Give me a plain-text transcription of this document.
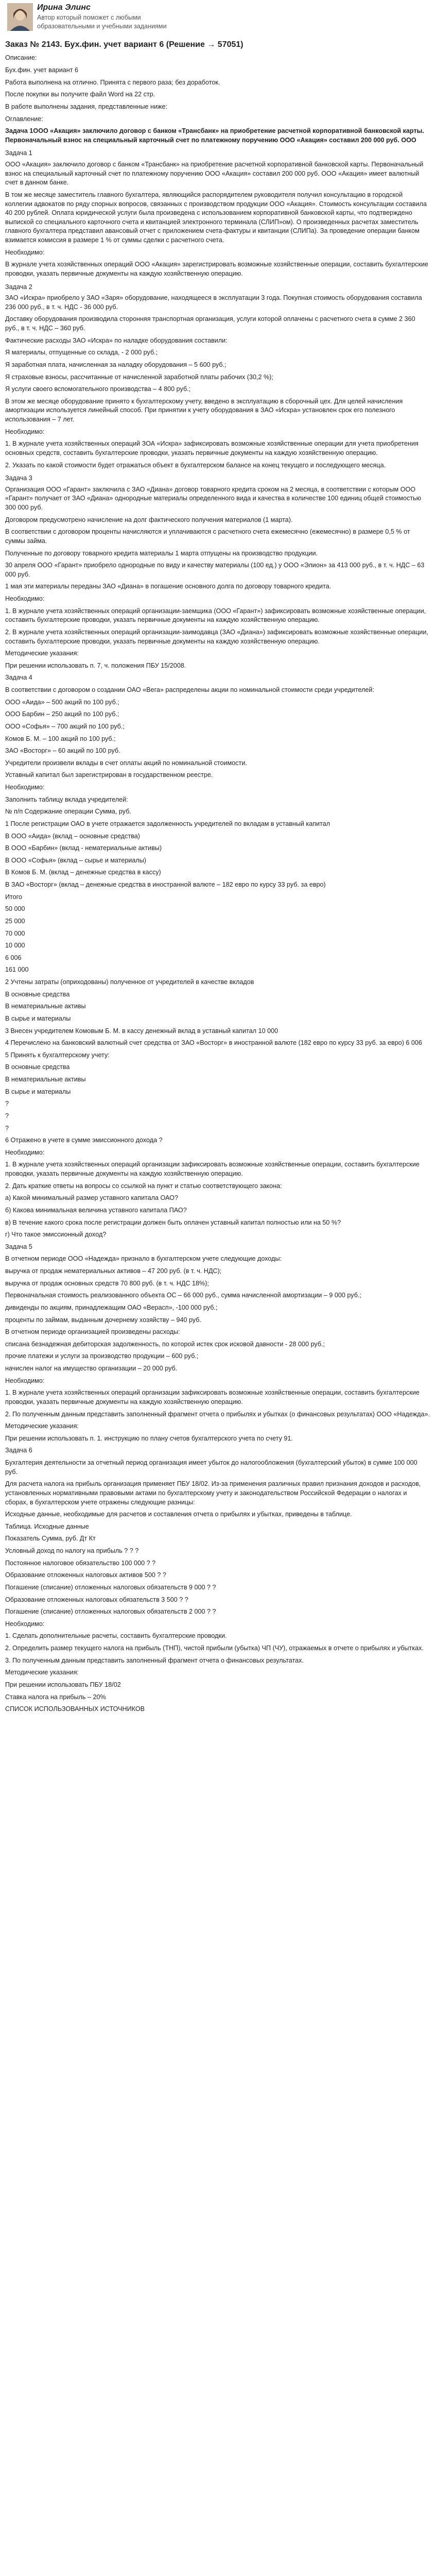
Ирина Элинс
Автор который поможет с любыми образовательными и учебными заданиями
Заказ № 2143. Бух.фин. учет вариант 6 (Решение → 57051)

Описание:

Бух.фин. учет вариант 6

Работа выполнена на отлично. Принята с первого раза; без доработок.

После покупки вы получите файл Word на 22 стр.

В работе выполнены задания, представленные ниже:

Оглавление:

Задача 1ООО «Акация» заключило договор с банком «Трансбанк» на приобретение расчетной корпоративной банковской карты. Первоначальный взнос на специальный карточный счет по платежному поручению ООО «Акация» составил 200 000 руб. ООО

Задача 1

ООО «Акация» заключило договор с банком «Трансбанк» на приобретение расчетной корпоративной банковской карты. Первоначальный взнос на специальный карточный счет по платежному поручению ООО «Акация» составил 200 000 руб. ООО «Акация» имеет валютный счет в данном банке.
В том же месяце заместитель главного бухгалтера, являющийся распорядителем руководителя получил консультацию в городской коллегии адвокатов по ряду спорных вопросов, связанных с производством продукции ООО «Акация». Стоимость консультации составила 40 200 рублей. Оплата юридической услуги была произведена с использованием корпоративной банковской карты, что подтверждено выпиской со специального карточного счета и квитанцией электронного терминала (СЛИП»ом). О произведенных расчетах заместитель главного бухгалтера представил авансовый отчет с приложением счета-фактуры и квитанции (СЛИПа). За проведение операции банком взимается комиссия в размере 1 % от суммы сделки с расчетного счета.
Необходимо:
В журнале учета хозяйственных операций ООО «Акация» зарегистрировать возможные хозяйственные операции, составить бухгалтерские проводки, указать первичные документы на каждую хозяйственную операцию.

Задача 2

ЗАО «Искра» приобрело у ЗАО «Заря» оборудование, находящееся в эксплуатации 3 года. Покупная стоимость оборудования составила 236 000 руб., в т. ч. НДС - 36 000 руб.
Доставку оборудования производила сторонняя транспортная организация, услуги которой оплачены с расчетного счета в сумме 2 360 руб., в т. ч. НДС – 360 руб.
Фактические расходы ЗАО «Искра» по наладке оборудования составили:
Я материалы, отпущенные со склада, - 2 000 руб.;
Я заработная плата, начисленная за наладку оборудования – 5 600 руб.;
Я страховые взносы, рассчитанные от начисленной заработной платы рабочих (30,2 %);
Я услуги своего вспомогательного производства – 4 800 руб.;
В этом же месяце оборудование принято к бухгалтерскому учету, введено в эксплуатацию в сборочный цех. Для целей начисления амортизации используется линейный способ. При принятии к учету оборудования в ЗАО «Искра» установлен срок его полезного использования – 7 лет.
Необходимо:
1. В журнале учета хозяйственных операций ЗОА «Искра» зафиксировать возможные хозяйственные операции для учета приобретения основных средств, составить бухгалтерские проводки, указать первичные документы на каждую хозяйственную операцию.
2. Указать по какой стоимости будет отражаться объект в бухгалтерском балансе на конец текущего и последующего месяца.

Задача 3

Организация ООО «Гарант» заключила с ЗАО «Диана» договор товарного кредита сроком на 2 месяца, в соответствии с которым ООО «Гарант» получает от ЗАО «Диана» однородные материалы определенного вида и качества в количестве 100 единиц общей стоимостью 300 000 руб.
Договором предусмотрено начисление на долг фактического получения материалов (1 марта).
В соответствии с договором проценты начисляются и уплачиваются с расчетного счета ежемесячно (ежемесячно) в размере 0,5 % от суммы займа.
Полученные по договору товарного кредита материалы 1 марта отпущены на производство продукции.
30 апреля ООО «Гарант» приобрело однородные по виду и качеству материалы (100 ед.) у ООО «Элион» за 413 000 руб., в т. ч. НДС – 63 000 руб.
1 мая эти материалы переданы ЗАО «Диана» в погашение основного долга по договору товарного кредита.
Необходимо:
1. В журнале учета хозяйственных операций организации-заемщика (ООО «Гарант») зафиксировать возможные хозяйственные операции, составить бухгалтерские проводки, указать первичные документы на каждую хозяйственную операцию.
2. В журнале учета хозяйственных операций организации-заимодавца (ЗАО «Диана») зафиксировать возможные хозяйственные операции, составить бухгалтерские проводки, указать первичные документы на каждую хозяйственную операцию.
Методические указания:
При решении использовать п. 7, ч. положения ПБУ 15/2008.
Задача 4
В соответствии с договором о создании ОАО «Вега» распределены акции по номинальной стоимости среди учредителей:
ООО «Аида» – 500 акций по 100 руб.;
ООО Барбин – 250 акций по 100 руб.;
ООО «Софья» – 700 акций по 100 руб.;
Комов Б. М. – 100 акций по 100 руб.;
ЗАО «Восторг» – 60 акций по 100 руб.
Учредители произвели вклады в счет оплаты акций по номинальной стоимости.
Уставный капитал был зарегистрирован в государственном реестре.
Необходимо:
Заполнить таблицу вклада учредителей:
№ п/п Содержание операции Сумма, руб.
1 После регистрации ОАО в учете отражается задолженность учредителей по вкладам в уставный капитал
В ООО «Аида» (вклад – основные средства)
В ООО «Барбин» (вклад - нематериальные активы)
В ООО «Софья» (вклад – сырье и материалы)
В Комов Б. М. (вклад – денежные средства в кассу)
В ЗАО «Восторг» (вклад – денежные средства в иностранной валюте – 182 евро по курсу 33 руб. за евро)
Итого
50 000
25 000
70 000
10 000
6 006
161 000
2 Учтены затраты (оприходованы) полученное от учредителей в качестве вкладов
В основные средства
В нематериальные активы
В сырье и материалы
3 Внесен учредителем Комовым Б. М. в кассу денежный вклад в уставный капитал 10 000
4 Перечислено на банковский валютный счет средства от ЗАО «Восторг» в иностранной валюте (182 евро по курсу 33 руб. за евро) 6 006
5 Принять к бухгалтерскому учету:
В основные средства
В нематериальные активы
В сырье и материалы
?
?
?
6 Отражено в учете в сумме эмиссионного дохода ?
Необходимо:
1. В журнале учета хозяйственных операций организации зафиксировать возможные хозяйственные операции, составить бухгалтерские проводки, указать первичные документы на каждую хозяйственную операцию.
2. Дать краткие ответы на вопросы со ссылкой на пункт и статью соответствующего закона:
а) Какой минимальный размер уставного капитала ОАО?
б) Какова минимальная величина уставного капитала ПАО?
в) В течение какого срока после регистрации должен быть оплачен уставный капитал полностью или на 50 %?
г) Что такое эмиссионный доход?
Задача 5
В отчетном периоде ООО «Надежда» признало в бухгалтерском учете следующие доходы:
выручка от продаж нематериальных активов – 47 200 руб. (в т. ч. НДС);
выручка от продаж основных средств 70 800 руб. (в т. ч. НДС 18%);
Первоначальная стоимость реализованного объекта ОС – 66 000 руб., сумма начисленной амортизации – 9 000 руб.;
дивиденды по акциям, принадлежащим ОАО «Верасп», -100 000 руб.;
проценты по займам, выданным дочернему хозяйству – 940 руб.
В отчетном периоде организацией произведены расходы:
списана безнадежная дебиторская задолженность, по которой истек срок исковой давности - 28 000 руб.;
прочие платежи и услуги за производство продукции – 600 руб.;
начислен налог на имущество организации – 20 000 руб.
Необходимо:
1. В журнале учета хозяйственных операций организации зафиксировать возможные хозяйственные операции, составить бухгалтерские проводки, указать первичные документы на каждую хозяйственную операцию.
2. По полученным данным представить заполненный фрагмент отчета о прибылях и убытках (о финансовых результатах) ООО «Надежда».
Методические указания:
При решении использовать п. 1. инструкцию по плану счетов бухгалтерского учета по счету 91.
Задача 6
Бухгалтерия деятельности за отчетный период организация имеет убыток до налогообложения (бухгалтерский убыток) в сумме 100 000 руб.
Для расчета налога на прибыль организация применяет ПБУ 18/02. Из-за применения различных правил признания доходов и расходов, установленных нормативными правовыми актами по бухгалтерскому учету и законодательством Российской Федерации о налогах и сборах, в бухгалтерском учете отражены следующие разницы:
Исходные данные, необходимые для расчетов и составления отчета о прибылях и убытках, приведены в таблице.
Таблица. Исходные данные
Показатель Сумма, руб. Дт Кт
Условный доход по налогу на прибыль ? ? ?
Постоянное налоговое обязательство 100 000 ? ?
Образование отложенных налоговых активов 500 ? ?
Погашение (списание) отложенных налоговых обязательств 9 000 ? ?
Образование отложенных налоговых обязательств 3 500 ? ?
Погашение (списание) отложенных налоговых обязательств 2 000 ? ?
Необходимо:
1. Сделать дополнительные расчеты, составить бухгалтерские проводки.
2. Определить размер текущего налога на прибыль (ТНП), чистой прибыли (убытка) ЧП (ЧУ), отражаемых в отчете о прибылях и убытках.
3. По полученным данным представить заполненный фрагмент отчета о финансовых результатах.
Методические указания:
При решении использовать ПБУ 18/02
Ставка налога на прибыль – 20%
СПИСОК ИСПОЛЬЗОВАННЫХ ИСТОЧНИКОВ
